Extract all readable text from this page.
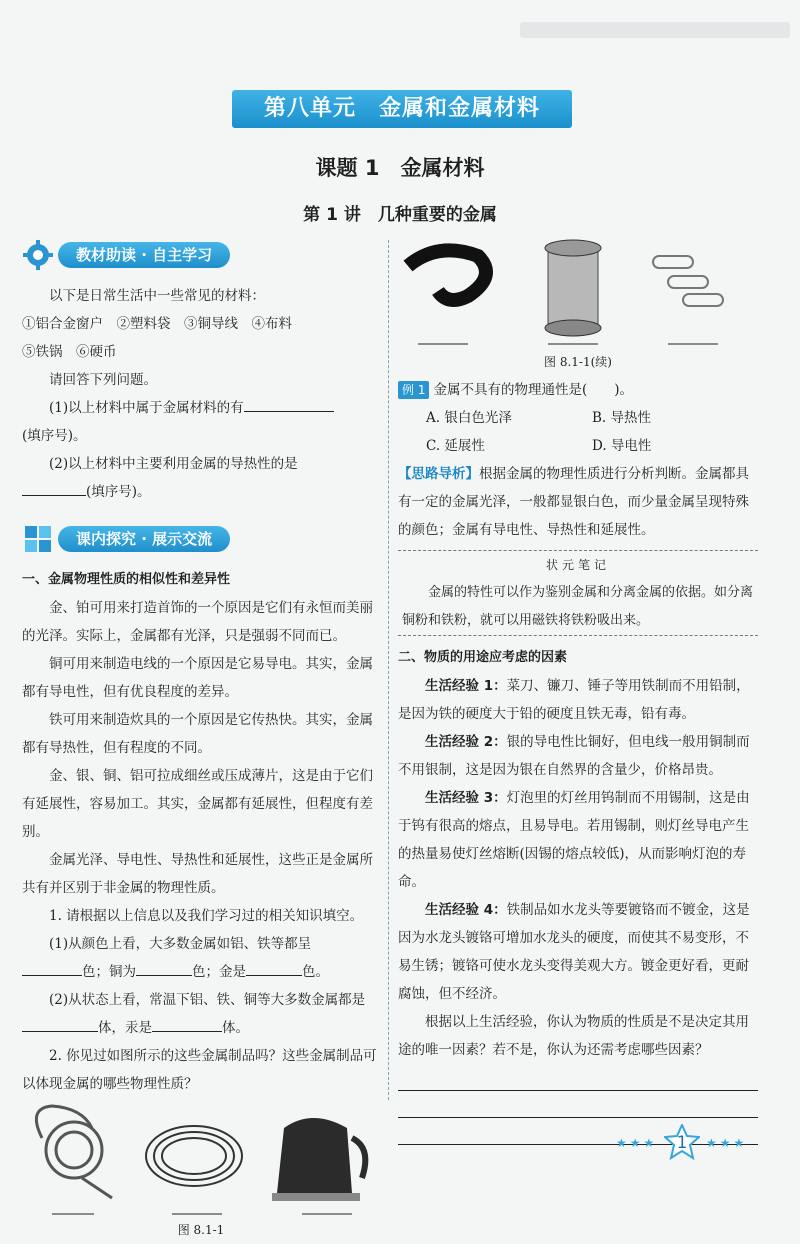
第八单元　金属和金属材料
课题 1　金属材料
第 1 讲　几种重要的金属
教材助读 · 自主学习

以下是日常生活中一些常见的材料：

①铝合金窗户　②塑料袋　③铜导线　④布料

⑤铁锅　⑥硬币

请回答下列问题。

(1)以上材料中属于金属材料的有
(填序号)。

(2)以上材料中主要利用金属的导热性的是
(填序号)。

课内探究 · 展示交流

一、金属物理性质的相似性和差异性

金、铂可用来打造首饰的一个原因是它们有永恒而美丽的光泽。实际上，金属都有光泽，只是强弱不同而已。

铜可用来制造电线的一个原因是它易导电。其实，金属都有导电性，但有优良程度的差异。

铁可用来制造炊具的一个原因是它传热快。其实，金属都有导热性，但有程度的不同。

金、银、铜、铝可拉成细丝或压成薄片，这是由于它们有延展性，容易加工。其实，金属都有延展性，但程度有差别。

金属光泽、导电性、导热性和延展性，这些正是金属所共有并区别于非金属的物理性质。

1. 请根据以上信息以及我们学习过的相关知识填空。

(1)从颜色上看，大多数金属如铝、铁等都呈
色；铜为	色；金是	色。

(2)从状态上看，常温下铝、铁、铜等大多数金属都是 体，汞是	体。

2. 你见过如图所示的这些金属制品吗？这些金属制品可以体现金属的哪些物理性质？

图 8.1-1

图 8.1-1(续)

例 1 金属不具有的物理通性是(　　)。

A. 银白色光泽	B. 导热性
C. 延展性	D. 导电性

【思路导析】根据金属的物理性质进行分析判断。金属都具有一定的金属光泽，一般都显银白色，而少量金属呈现特殊的颜色；金属有导电性、导热性和延展性。

状元笔记

金属的特性可以作为鉴别金属和分离金属的依据。如分离铜粉和铁粉，就可以用磁铁将铁粉吸出来。

二、物质的用途应考虑的因素

生活经验 1：菜刀、镰刀、锤子等用铁制而不用铅制，是因为铁的硬度大于铅的硬度且铁无毒，铅有毒。

生活经验 2：银的导电性比铜好，但电线一般用铜制而不用银制，这是因为银在自然界的含量少，价格昂贵。

生活经验 3：灯泡里的灯丝用钨制而不用锡制，这是由于钨有很高的熔点，且易导电。若用锡制，则灯丝导电产生的热量易使灯丝熔断(因锡的熔点较低)，从而影响灯泡的寿命。

生活经验 4：铁制品如水龙头等要镀铬而不镀金，这是因为水龙头镀铬可增加水龙头的硬度，而使其不易变形，不易生锈；镀铬可使水龙头变得美观大方。镀金更好看，更耐腐蚀，但不经济。

根据以上生活经验，你认为物质的性质是不是决定其用途的唯一因素？若不是，你认为还需考虑哪些因素？

★★★	1	★★★
